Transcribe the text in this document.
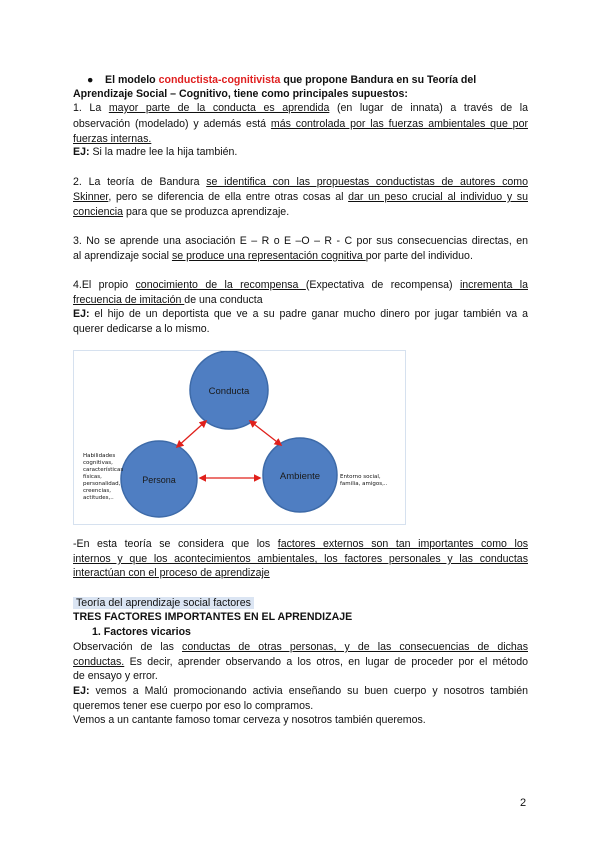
● El modelo conductista-cognitivista que propone Bandura en su Teoría del
Aprendizaje Social – Cognitivo, tiene como principales supuestos:
1. La mayor parte de la conducta es aprendida (en lugar de innata) a través de la
observación (modelado) y además está más controlada por las fuerzas ambientales que por
fuerzas internas.
EJ: Si la madre lee la hija también.
2. La teoría de Bandura se identifica con las propuestas conductistas de autores como
Skinner, pero se diferencia de ella entre otras cosas al dar un peso crucial al individuo y su
conciencia para que se produzca aprendizaje.
3. No se aprende una asociación E – R o E –O – R - C por sus consecuencias directas, en
al aprendizaje social se produce una representación cognitiva por parte del individuo.
4.El propio conocimiento de la recompensa (Expectativa de recompensa) incrementa la
frecuencia de imitación de una conducta
EJ: el hijo de un deportista que ve a su padre ganar mucho dinero por jugar también va a
querer dedicarse a lo mismo.
Conducta
Persona	Ambiente
Habilidades
cognitivas,
características
físicas,
personalidad,
creencias,
actitudes,..
Entorno social,
familia, amigos,..
-En esta teoría se considera que los factores externos son tan importantes como los
internos y que los acontecimientos ambientales, los factores personales y las conductas
interactúan con el proceso de aprendizaje
Teoría del aprendizaje social factores
TRES FACTORES IMPORTANTES EN EL APRENDIZAJE
1. Factores vicarios
Observación de las conductas de otras personas, y de las consecuencias de dichas
conductas. Es decir, aprender observando a los otros, en lugar de proceder por el método
de ensayo y error.
EJ: vemos a Malú promocionando activia enseñando su buen cuerpo y nosotros también
queremos tener ese cuerpo por eso lo compramos.
Vemos a un cantante famoso tomar cerveza y nosotros también queremos.
2
